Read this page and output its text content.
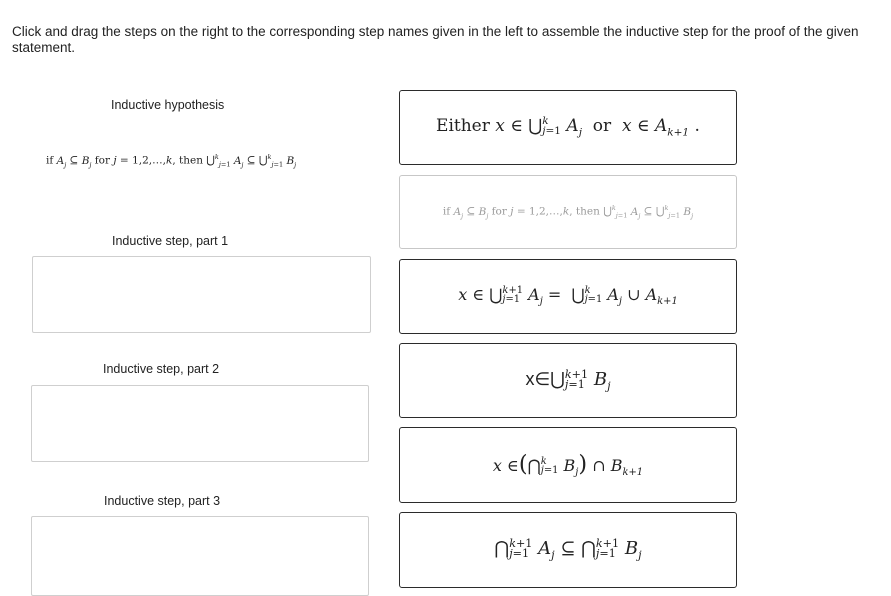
Click and drag the steps on the right to the corresponding step names given in the left to assemble the inductive step for the proof of the given statement.
Inductive hypothesis
if $A_j$ ⊆ $B_j$ for j = 1,2,…,k, then ⋃$^k_{j=1}$ $A_j$ ⊆ ⋃$^k_{j=1}$ $B_j$
Inductive step, part 1
Inductive step, part 2
Inductive step, part 3
Either x ∈ ⋃ k
j=1 $A_j$  or  x ∈ $A_{k+1}$ .
if $A_j$ ⊆ $B_j$ for j = 1,2,…,k, then ⋃$^k_{j=1}$ $A_j$ ⊆ ⋃$^k_{j=1}$ $B_j$
x ∈ ⋃ k+1
j=1 $A_j$ =  ⋃ k
j=1 $A_j$ ∪ $A_{k+1}$
x∈⋃ k+1
j=1 $B_j$
x ∈(⋂ k
j=1 $B_j$) ∩ $B_{k+1}$
⋂ k+1
j=1 $A_j$ ⊆ ⋂ k+1
j=1 $B_j$
